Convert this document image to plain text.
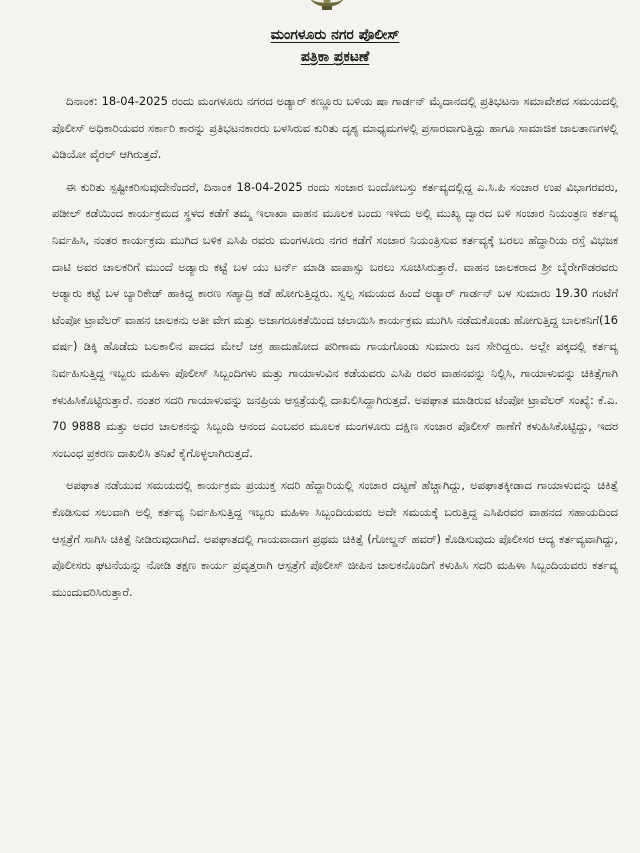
ಮಂಗಳೂರು ನಗರ ಪೊಲೀಸ್
ಪತ್ರಿಕಾ ಪ್ರಕಟಣೆ

ದಿನಾಂಕ: 18-04-2025 ರಂದು ಮಂಗಳೂರು ನಗರದ ಅಡ್ಯಾರ್ ಕಣ್ಣೂರು ಬಳಿಯ ಷಾ ಗಾರ್ಡನ್ ಮೈದಾನದಲ್ಲಿ ಪ್ರತಿಭಟನಾ ಸಮಾವೇಶದ ಸಮಯದಲ್ಲಿ ಪೊಲೀಸ್ ಅಧಿಕಾರಿಯವರ ಸರ್ಕಾರಿ ಕಾರನ್ನು ಪ್ರತಿಭಟನಕಾರರು ಬಳಸಿರುವ ಕುರಿತು ದೃಶ್ಯ ಮಾಧ್ಯಮಗಳಲ್ಲಿ ಪ್ರಸಾರವಾಗುತ್ತಿದ್ದು ಹಾಗೂ ಸಾಮಾಜಿಕ ಜಾಲತಾಣಗಳಲ್ಲಿ ವಿಡಿಯೋ ವೈರಲ್ ಆಗಿರುತ್ತದೆ.

ಈ ಕುರಿತು ಸ್ಪಷ್ಟೀಕರಿಸುವುದೇನೆಂದರೆ, ದಿನಾಂಕ 18-04-2025 ರಂದು ಸಂಚಾರ ಬಂದೋಬಸ್ತು ಕರ್ತವ್ಯದಲ್ಲಿದ್ದ ಎ.ಸಿ.ಪಿ ಸಂಚಾರ ಉಪ ವಿಭಾಗರವರು, ಪಡೀಲ್ ಕಡೆಯಿಂದ ಕಾರ್ಯಕ್ರಮದ ಸ್ಥಳದ ಕಡೆಗೆ ತಮ್ಮ ಇಲಾಖಾ ವಾಹನ ಮೂಲಕ ಬಂದು ಇಳಿದು ಅಲ್ಲಿ ಮುಖ್ಯ ದ್ವಾರದ ಬಳಿ ಸಂಚಾರ ನಿಯಂತ್ರಣ ಕರ್ತವ್ಯ ನಿರ್ವಹಿಸಿ, ನಂತರ ಕಾರ್ಯಕ್ರಮ ಮುಗಿದ ಬಳಿಕ ಎಸಿಪಿ ರವರು ಮಂಗಳೂರು ನಗರ ಕಡೆಗೆ ಸಂಚಾರ ನಿಯಂತ್ರಿಸುವ ಕರ್ತವ್ಯಕ್ಕೆ ಬರಲು ಹೆದ್ದಾರಿಯ ರಸ್ತೆ ವಿಭಜಕ ದಾಟಿ ಅವರ ಚಾಲಕರಿಗೆ ಮುಂದೆ ಅಡ್ಯಾರು ಕಟ್ಟೆ ಬಳ ಯು ಟರ್ನ್ ಮಾಡಿ ವಾಪಾಸ್ಸು ಬರಲು ಸೂಚಿಸಿರುತ್ತಾರೆ. ವಾಹನ ಚಾಲಕರಾದ ಶ್ರೀ ಬೈರೇಗೌಡರವರು ಅಡ್ಯಾರು ಕಟ್ಟೆ ಬಳ ಬ್ಯಾರಿಕೇಡ್ ಹಾಕಿದ್ದ ಕಾರಣ ಸಹ್ಯಾದ್ರಿ ಕಡೆ ಹೋಗುತ್ತಿದ್ದರು. ಸ್ವಲ್ಪ ಸಮಯದ ಹಿಂದೆ ಅಡ್ಯಾರ್ ಗಾರ್ಡನ್ ಬಳ ಸುಮಾರು 19.30 ಗಂಟೆಗೆ ಟೆಂಪೋ ಟ್ರಾವೆಲರ್ ವಾಹನ ಚಾಲಕನು ಅತೀ ವೇಗ ಮತ್ತು ಅಜಾಗರೂಕತೆಯಿಂದ ಚಲಾಯಿಸಿ ಕಾರ್ಯಕ್ರಮ ಮುಗಿಸಿ ನಡೆದುಕೊಂಡು ಹೋಗುತ್ತಿದ್ದ ಬಾಲಕನಿಗೆ(16 ವರ್ಷ) ಡಿಕ್ಕಿ ಹೊಡೆದು ಬಲಕಾಲಿನ ಪಾದದ ಮೇಲೆ ಚಕ್ರ ಹಾದುಹೋದ ಪರಿಣಾಮ ಗಾಯಗೊಂಡು ಸುಮಾರು ಜನ ಸೇರಿದ್ದರು. ಅಲ್ಲೇ ಪಕ್ಕದಲ್ಲಿ ಕರ್ತವ್ಯ ನಿರ್ವಹಿಸುತ್ತಿದ್ದ ಇಬ್ಬರು ಮಹಿಳಾ ಪೊಲೀಸ್ ಸಿಬ್ಬಂದಿಗಳು ಮತ್ತು ಗಾಯಾಳುವಿನ ಕಡೆಯವರು ಎಸಿಪಿ ರವರ ವಾಹನವನ್ನು ನಿಲ್ಲಿಸಿ, ಗಾಯಾಳುವನ್ನು ಚಿಕಿತ್ಸೆಗಾಗಿ ಕಳುಹಿಸಿಕೊಟ್ಟಿರುತ್ತಾರೆ. ನಂತರ ಸದರಿ ಗಾಯಾಳುವನ್ನು ಜನಪ್ರಿಯ ಆಸ್ಪತ್ರೆಯಲ್ಲಿ ದಾಖಲಿಸಿದ್ದಾಗಿರುತ್ತದೆ. ಅಪಘಾತ ಮಾಡಿರುವ ಟೆಂಪೋ ಟ್ರಾವೆಲರ್ ಸಂಖ್ಯೆ: ಕೆ.ಎ. 70 9888 ಮತ್ತು ಅದರ ಚಾಲಕನನ್ನು ಸಿಬ್ಬಂದಿ ಆನಂದ ಎಂಬವರ ಮೂಲಕ ಮಂಗಳೂರು ದಕ್ಷಿಣ ಸಂಚಾರ ಪೊಲೀಸ್ ಠಾಣೆಗೆ ಕಳುಹಿಸಿಕೊಟ್ಟಿದ್ದು, ಇದರ ಸಂಬಂಧ ಪ್ರಕರಣ ದಾಖಲಿಸಿ ತನಿಖೆ ಕೈಗೊಳ್ಳಲಾಗಿರುತ್ತದೆ.

ಅಪಘಾತ ನಡೆಯುವ ಸಮಯದಲ್ಲಿ ಕಾರ್ಯಕ್ರಮ ಪ್ರಯುಕ್ತ ಸದರಿ ಹೆದ್ದಾರಿಯಲ್ಲಿ ಸಂಚಾರ ದಟ್ಟಣೆ ಹೆಚ್ಚಾಗಿದ್ದು, ಅಪಘಾತಕ್ಕೀಡಾದ ಗಾಯಾಳುವನ್ನು ಚಿಕಿತ್ಸೆ ಕೊಡಿಸುವ ಸಲುವಾಗಿ ಅಲ್ಲಿ ಕರ್ತವ್ಯ ನಿರ್ವಹಿಸುತ್ತಿದ್ದ ಇಬ್ಬರು ಮಹಿಳಾ ಸಿಬ್ಬಂದಿಯವರು ಅದೇ ಸಮಯಕ್ಕೆ ಬರುತ್ತಿದ್ದ ಎಸಿಪಿರವರ ವಾಹನದ ಸಹಾಯದಿಂದ ಆಸ್ಪತ್ರೆಗೆ ಸಾಗಿಸಿ ಚಿಕಿತ್ಸೆ ನೀಡಿರುವುದಾಗಿದೆ. ಅಪಘಾತದಲ್ಲಿ ಗಾಯವಾದಾಗ ಪ್ರಥಮ ಚಿಕಿತ್ಸೆ (ಗೋಲ್ಡನ್ ಹವರ್) ಕೊಡಿಸುವುದು ಪೊಲೀಸರ ಆದ್ಯ ಕರ್ತವ್ಯವಾಗಿದ್ದು, ಪೊಲೀಸರು ಘಟನೆಯನ್ನು ನೋಡಿ ತಕ್ಷಣ ಕಾರ್ಯ ಪ್ರವೃತ್ತರಾಗಿ ಆಸ್ಪತ್ರೆಗೆ ಪೊಲೀಸ್ ಜೀಪಿನ ಚಾಲಕನೊಂದಿಗೆ ಕಳುಹಿಸಿ ಸದರಿ ಮಹಿಳಾ ಸಿಬ್ಬಂದಿಯವರು ಕರ್ತವ್ಯ ಮುಂದುವರಿಸಿರುತ್ತಾರೆ.
